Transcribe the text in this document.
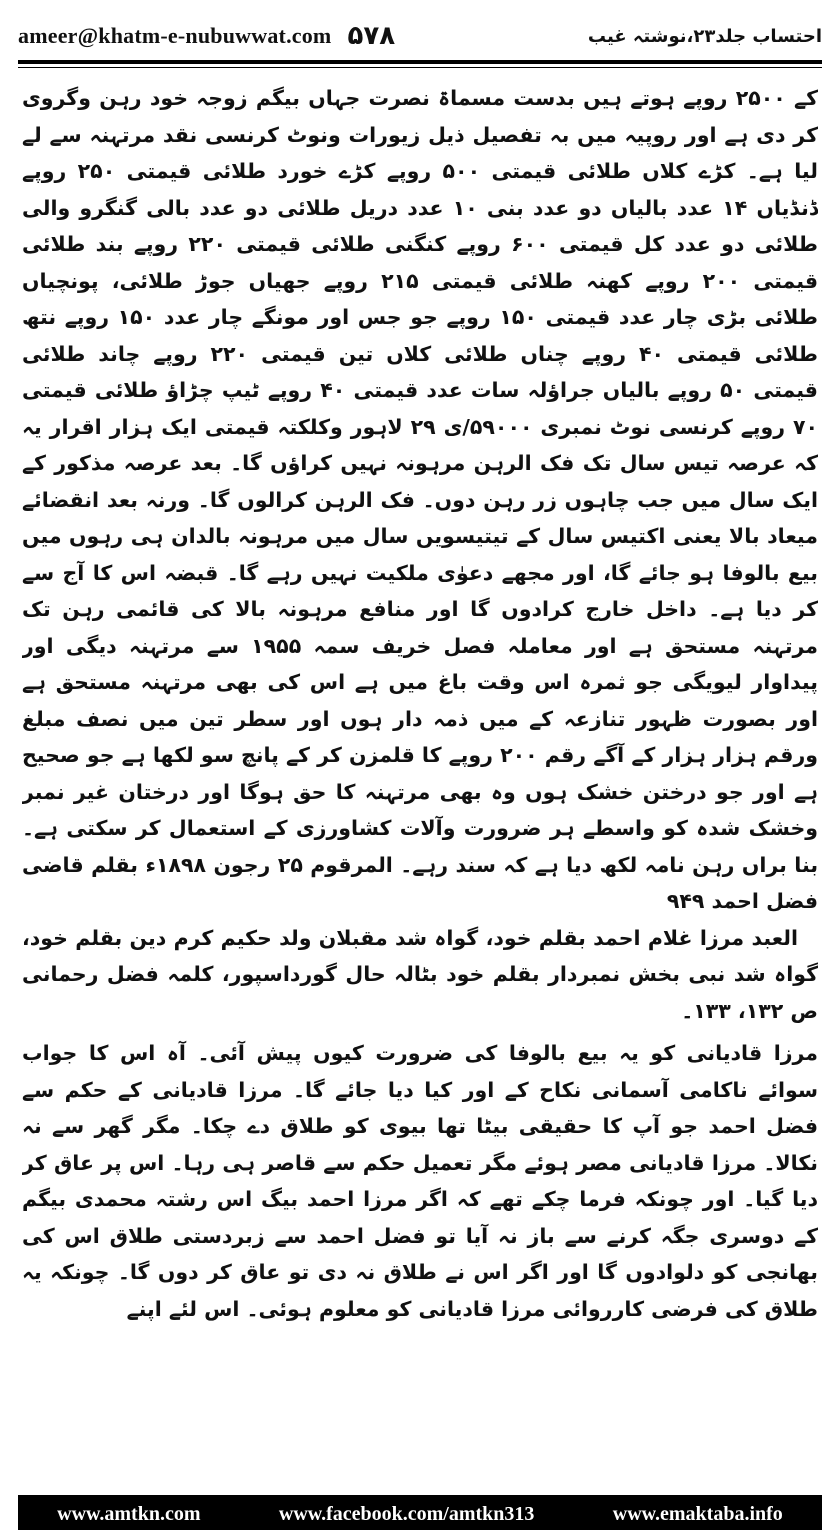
ameer@khatm-e-nubuwwat.com ۵۷۸	احتساب جلد۲۳،نوشتہ غیب

کے ۲۵۰۰ روپے ہوتے ہیں بدست مسماۃ نصرت جہاں بیگم زوجہ خود رہن وگروی کر دی ہے اور روپیہ میں بہ تفصیل ذیل زیورات ونوٹ کرنسی نقد مرتہنہ سے لے لیا ہے۔ کڑے کلاں طلائی قیمتی ۵۰۰ روپے کڑے خورد طلائی قیمتی ۲۵۰ روپے ڈنڈیاں ۱۴ عدد بالیاں دو عدد بنی ۱۰ عدد دریل طلائی دو عدد بالی گنگرو والی طلائی دو عدد کل قیمتی ۶۰۰ روپے کنگنی طلائی قیمتی ۲۲۰ روپے بند طلائی قیمتی ۲۰۰ روپے کھنہ طلائی قیمتی ۲۱۵ روپے جھیاں جوڑ طلائی، پونچیاں طلائی بڑی چار عدد قیمتی ۱۵۰ روپے جو جس اور مونگے چار عدد ۱۵۰ روپے نتھ طلائی قیمتی ۴۰ روپے چناں طلائی کلاں تین قیمتی ۲۲۰ روپے چاند طلائی قیمتی ۵۰ روپے بالیاں جراؤلہ سات عدد قیمتی ۴۰ روپے ٹیپ چڑاؤ طلائی قیمتی ۷۰ روپے کرنسی نوٹ نمبری ۵۹۰۰۰/ی ۲۹ لاہور وکلکتہ قیمتی ایک ہزار اقرار یہ کہ عرصہ تیس سال تک فک الرہن مرہونہ نہیں کراؤں گا۔ بعد عرصہ مذکور کے ایک سال میں جب چاہوں زر رہن دوں۔ فک الرہن کرالوں گا۔ ورنہ بعد انقضائے میعاد بالا یعنی اکتیس سال کے تیتیسویں سال میں مرہونہ بالدان ہی رہوں میں بیع بالوفا ہو جائے گا، اور مجھے دعوٰی ملکیت نہیں رہے گا۔ قبضہ اس کا آج سے کر دیا ہے۔ داخل خارج کرادوں گا اور منافع مرہونہ بالا کی قائمی رہن تک مرتہنہ مستحق ہے اور معاملہ فصل خریف سمہ ۱۹۵۵ سے مرتہنہ دیگی اور پیداوار لیویگی جو ثمرہ اس وقت باغ میں ہے اس کی بھی مرتہنہ مستحق ہے اور بصورت ظہور تنازعہ کے میں ذمہ دار ہوں اور سطر تین میں نصف مبلغ ورقم ہزار ہزار کے آگے رقم ۲۰۰ روپے کا قلمزن کر کے پانچ سو لکھا ہے جو صحیح ہے اور جو درختن خشک ہوں وہ بھی مرتہنہ کا حق ہوگا اور درختان غیر نمبر وخشک شدہ کو واسطے ہر ضرورت وآلات کشاورزی کے استعمال کر سکتی ہے۔ بنا براں رہن نامہ لکھ دیا ہے کہ سند رہے۔ المرقوم ۲۵ رجون ۱۸۹۸ء بقلم قاضی فضل احمد ۹۴۹

العبد مرزا غلام احمد بقلم خود، گواہ شد مقبلان ولد حکیم کرم دین بقلم خود، گواہ شد نبی بخش نمبردار بقلم خود بٹالہ حال گورداسپور، کلمہ فضل رحمانی ص ۱۳۲، ۱۳۳۔

مرزا قادیانی کو یہ بیع بالوفا کی ضرورت کیوں پیش آئی۔ آہ اس کا جواب سوائے ناکامی آسمانی نکاح کے اور کیا دیا جائے گا۔ مرزا قادیانی کے حکم سے فضل احمد جو آپ کا حقیقی بیٹا تھا بیوی کو طلاق دے چکا۔ مگر گھر سے نہ نکالا۔ مرزا قادیانی مصر ہوئے مگر تعمیل حکم سے قاصر ہی رہا۔ اس پر عاق کر دیا گیا۔ اور چونکہ فرما چکے تھے کہ اگر مرزا احمد بیگ اس رشتہ محمدی بیگم کے دوسری جگہ کرنے سے باز نہ آیا تو فضل احمد سے زبردستی طلاق اس کی بھانجی کو دلوادوں گا اور اگر اس نے طلاق نہ دی تو عاق کر دوں گا۔ چونکہ یہ طلاق کی فرضی کارروائی مرزا قادیانی کو معلوم ہوئی۔ اس لئے اپنے

www.amtkn.com	www.facebook.com/amtkn313	www.emaktaba.info
